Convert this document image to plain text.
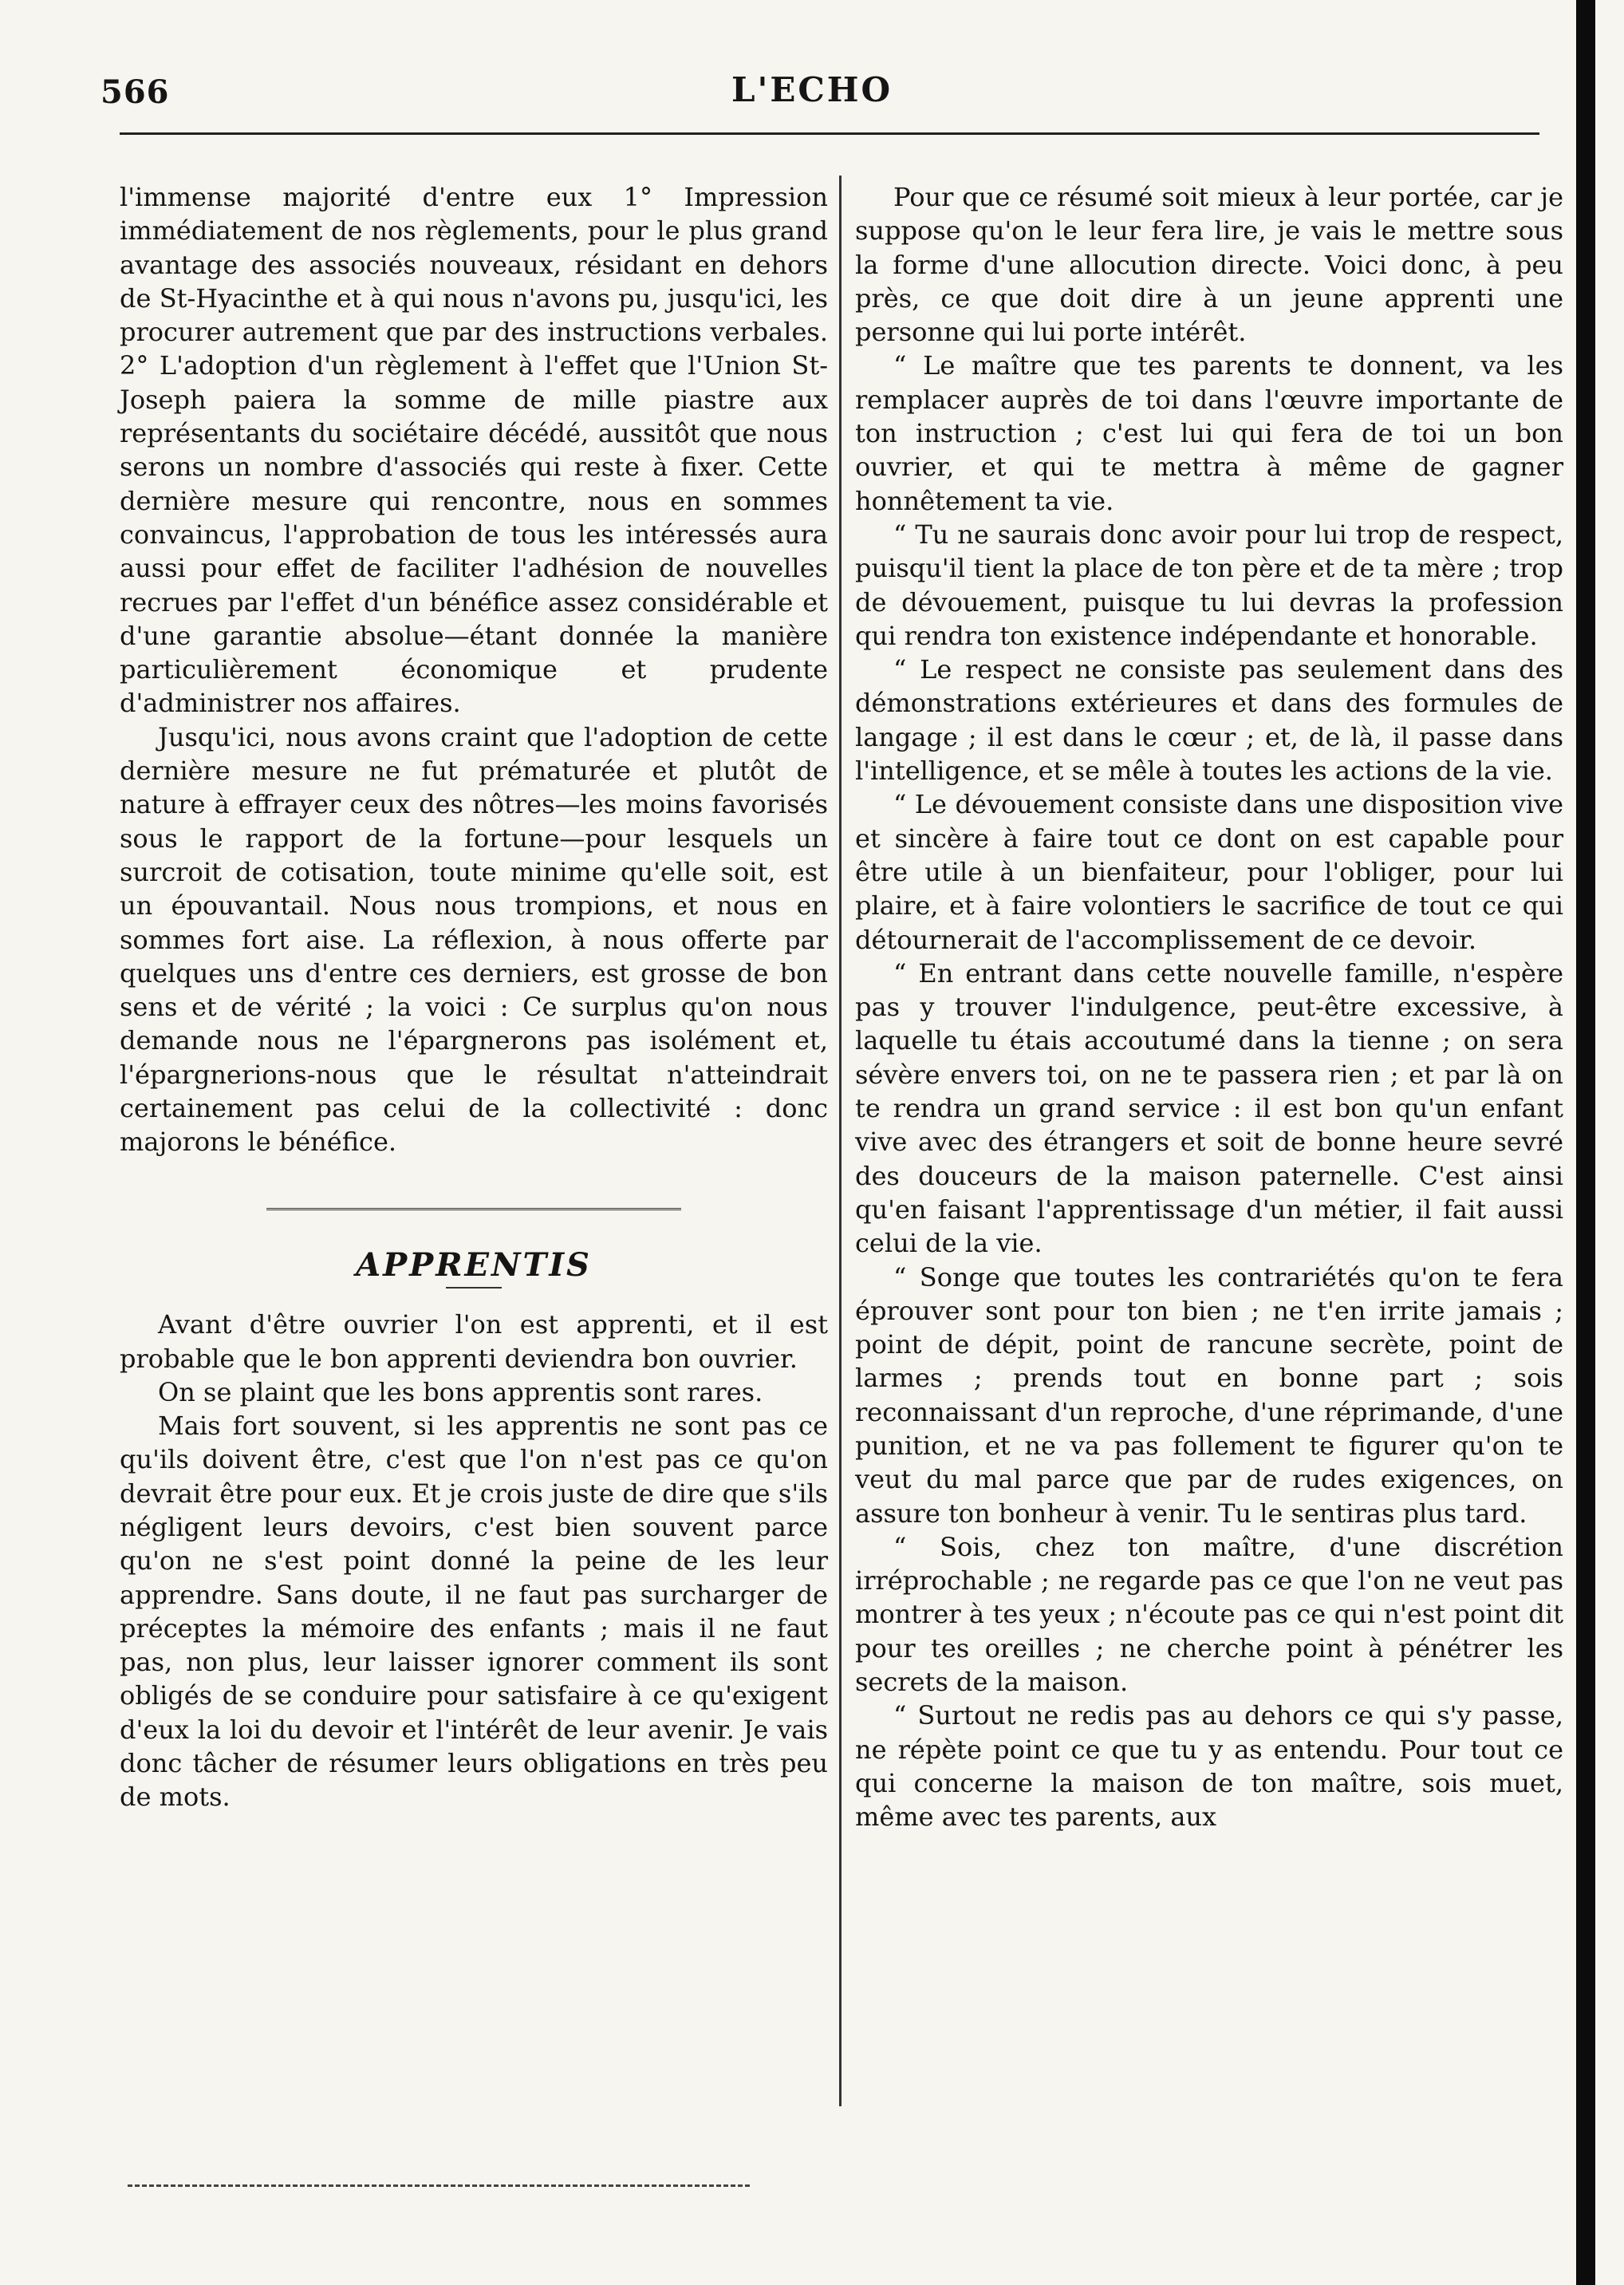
566	L'ECHO

l'immense majorité d'entre eux 1° Impression immédiatement de nos règlements, pour le plus grand avantage des associés nouveaux, résidant en dehors de St-Hyacinthe et à qui nous n'avons pu, jusqu'ici, les procurer autrement que par des instructions verbales. 2° L'adoption d'un règlement à l'effet que l'Union St-Joseph paiera la somme de mille piastre aux représentants du sociétaire décédé, aussitôt que nous serons un nombre d'associés qui reste à fixer. Cette dernière mesure qui rencontre, nous en sommes convaincus, l'approbation de tous les intéressés aura aussi pour effet de faciliter l'adhésion de nouvelles recrues par l'effet d'un bénéfice assez considérable et d'une garantie absolue—étant donnée la manière particulièrement économique et prudente d'administrer nos affaires.

Jusqu'ici, nous avons craint que l'adoption de cette dernière mesure ne fut prématurée et plutôt de nature à effrayer ceux des nôtres—les moins favorisés sous le rapport de la fortune—pour lesquels un surcroit de cotisation, toute minime qu'elle soit, est un épouvantail. Nous nous trompions, et nous en sommes fort aise. La réflexion, à nous offerte par quelques uns d'entre ces derniers, est grosse de bon sens et de vérité ; la voici : Ce surplus qu'on nous demande nous ne l'épargnerons pas isolément et, l'épargnerions-nous que le résultat n'atteindrait certainement pas celui de la collectivité : donc majorons le bénéfice.

APPRENTIS

Avant d'être ouvrier l'on est apprenti, et il est probable que le bon apprenti deviendra bon ouvrier.

On se plaint que les bons apprentis sont rares.

Mais fort souvent, si les apprentis ne sont pas ce qu'ils doivent être, c'est que l'on n'est pas ce qu'on devrait être pour eux. Et je crois juste de dire que s'ils négligent leurs devoirs, c'est bien souvent parce qu'on ne s'est point donné la peine de les leur apprendre. Sans doute, il ne faut pas surcharger de préceptes la mémoire des enfants ; mais il ne faut pas, non plus, leur laisser ignorer comment ils sont obligés de se conduire pour satisfaire à ce qu'exigent d'eux la loi du devoir et l'intérêt de leur avenir. Je vais donc tâcher de résumer leurs obligations en très peu de mots.

Pour que ce résumé soit mieux à leur portée, car je suppose qu'on le leur fera lire, je vais le mettre sous la forme d'une allocution directe. Voici donc, à peu près, ce que doit dire à un jeune apprenti une personne qui lui porte intérêt.

“ Le maître que tes parents te donnent, va les remplacer auprès de toi dans l'œuvre importante de ton instruction ; c'est lui qui fera de toi un bon ouvrier, et qui te mettra à même de gagner honnêtement ta vie.

“ Tu ne saurais donc avoir pour lui trop de respect, puisqu'il tient la place de ton père et de ta mère ; trop de dévouement, puisque tu lui devras la profession qui rendra ton existence indépendante et honorable.

“ Le respect ne consiste pas seulement dans des démonstrations extérieures et dans des formules de langage ; il est dans le cœur ; et, de là, il passe dans l'intelligence, et se mêle à toutes les actions de la vie.

“ Le dévouement consiste dans une disposition vive et sincère à faire tout ce dont on est capable pour être utile à un bienfaiteur, pour l'obliger, pour lui plaire, et à faire volontiers le sacrifice de tout ce qui détournerait de l'accomplissement de ce devoir.

“ En entrant dans cette nouvelle famille, n'espère pas y trouver l'indulgence, peut-être excessive, à laquelle tu étais accoutumé dans la tienne ; on sera sévère envers toi, on ne te passera rien ; et par là on te rendra un grand service : il est bon qu'un enfant vive avec des étrangers et soit de bonne heure sevré des douceurs de la maison paternelle. C'est ainsi qu'en faisant l'apprentissage d'un métier, il fait aussi celui de la vie.

“ Songe que toutes les contrariétés qu'on te fera éprouver sont pour ton bien ; ne t'en irrite jamais ; point de dépit, point de rancune secrète, point de larmes ; prends tout en bonne part ; sois reconnaissant d'un reproche, d'une réprimande, d'une punition, et ne va pas follement te figurer qu'on te veut du mal parce que par de rudes exigences, on assure ton bonheur à venir. Tu le sentiras plus tard.

“ Sois, chez ton maître, d'une discrétion irréprochable ; ne regarde pas ce que l'on ne veut pas montrer à tes yeux ; n'écoute pas ce qui n'est point dit pour tes oreilles ; ne cherche point à pénétrer les secrets de la maison.

“ Surtout ne redis pas au dehors ce qui s'y passe, ne répète point ce que tu y as entendu. Pour tout ce qui concerne la maison de ton maître, sois muet, même avec tes parents, aux
